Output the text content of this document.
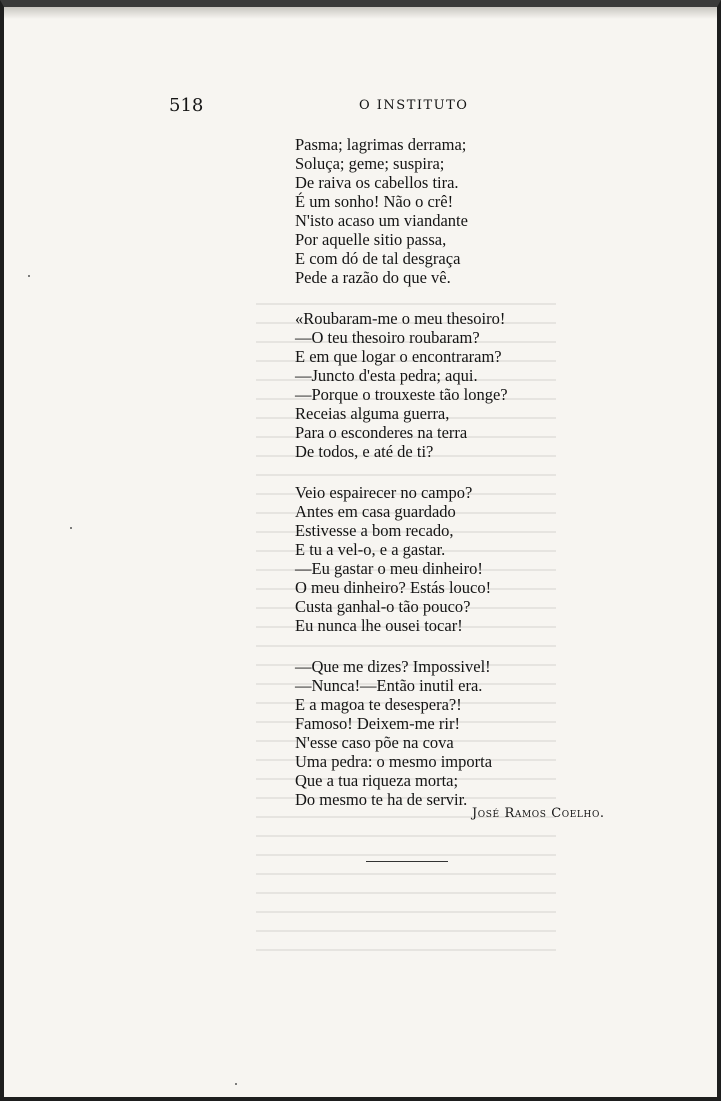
518	O INSTITUTO
Pasma; lagrimas derrama;
Soluça; geme; suspira;
De raiva os cabellos tira.
É um sonho! Não o crê!
N'isto acaso um viandante
Por aquelle sitio passa,
E com dó de tal desgraça
Pede a razão do que vê.
«Roubaram-me o meu thesoiro!
—O teu thesoiro roubaram?
E em que logar o encontraram?
—Juncto d'esta pedra; aqui.
—Porque o trouxeste tão longe?
Receias alguma guerra,
Para o esconderes na terra
De todos, e até de ti?
Veio espairecer no campo?
Antes em casa guardado
Estivesse a bom recado,
E tu a vel-o, e a gastar.
—Eu gastar o meu dinheiro!
O meu dinheiro? Estás louco!
Custa ganhal-o tão pouco?
Eu nunca lhe ousei tocar!
—Que me dizes? Impossivel!
—Nunca!—Então inutil era.
E a magoa te desespera?!
Famoso! Deixem-me rir!
N'esse caso põe na cova
Uma pedra: o mesmo importa
Que a tua riqueza morta;
Do mesmo te ha de servir.
José Ramos Coelho.
